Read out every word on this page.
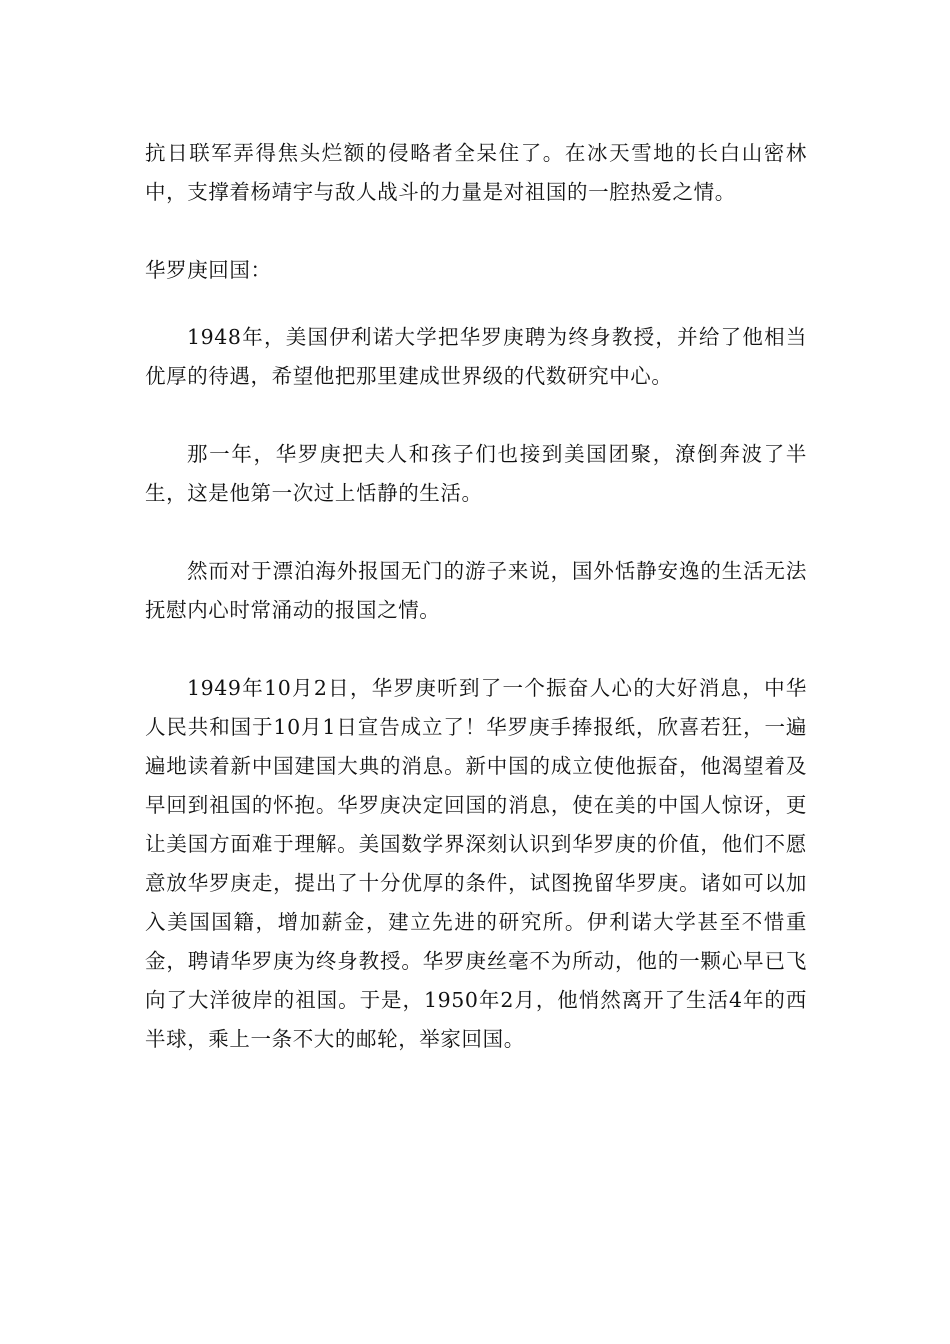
抗日联军弄得焦头烂额的侵略者全呆住了。在冰天雪地的长白山密林中，支撑着杨靖宇与敌人战斗的力量是对祖国的一腔热爱之情。

华罗庚回国：

1948年，美国伊利诺大学把华罗庚聘为终身教授，并给了他相当优厚的待遇，希望他把那里建成世界级的代数研究中心。

那一年，华罗庚把夫人和孩子们也接到美国团聚，潦倒奔波了半生，这是他第一次过上恬静的生活。

然而对于漂泊海外报国无门的游子来说，国外恬静安逸的生活无法抚慰内心时常涌动的报国之情。

1949年10月2日，华罗庚听到了一个振奋人心的大好消息，中华人民共和国于10月1日宣告成立了！华罗庚手捧报纸，欣喜若狂，一遍遍地读着新中国建国大典的消息。新中国的成立使他振奋，他渴望着及早回到祖国的怀抱。华罗庚决定回国的消息，使在美的中国人惊讶，更让美国方面难于理解。美国数学界深刻认识到华罗庚的价值，他们不愿意放华罗庚走，提出了十分优厚的条件，试图挽留华罗庚。诸如可以加入美国国籍，增加薪金，建立先进的研究所。伊利诺大学甚至不惜重金，聘请华罗庚为终身教授。华罗庚丝毫不为所动，他的一颗心早已飞向了大洋彼岸的祖国。于是，1950年2月，他悄然离开了生活4年的西半球，乘上一条不大的邮轮，举家回国。
